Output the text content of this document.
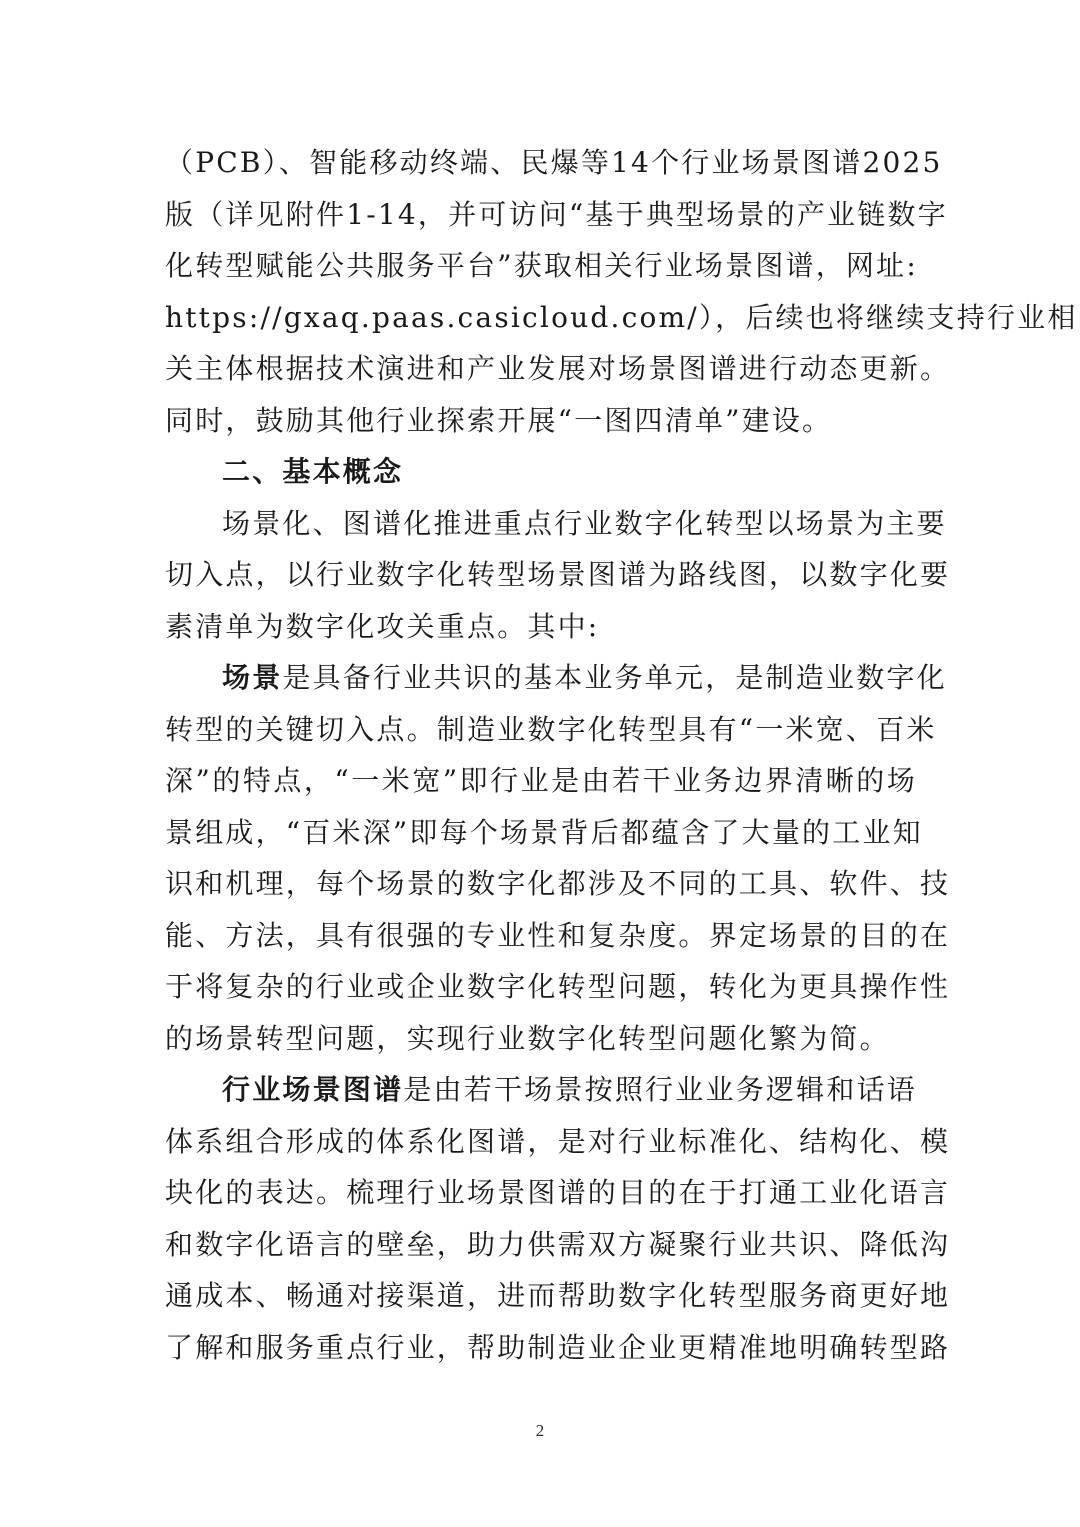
（PCB）、智能移动终端、民爆等14个行业场景图谱2025
版（详见附件1-14，并可访问“基于典型场景的产业链数字
化转型赋能公共服务平台”获取相关行业场景图谱，网址:
https://gxaq.paas.casicloud.com/），后续也将继续支持行业相
关主体根据技术演进和产业发展对场景图谱进行动态更新。
同时，鼓励其他行业探索开展“一图四清单”建设。
二、基本概念
场景化、图谱化推进重点行业数字化转型以场景为主要
切入点，以行业数字化转型场景图谱为路线图，以数字化要
素清单为数字化攻关重点。其中:
场景是具备行业共识的基本业务单元，是制造业数字化
转型的关键切入点。制造业数字化转型具有“一米宽、百米
深”的特点，“一米宽”即行业是由若干业务边界清晰的场
景组成，“百米深”即每个场景背后都蕴含了大量的工业知
识和机理，每个场景的数字化都涉及不同的工具、软件、技
能、方法，具有很强的专业性和复杂度。界定场景的目的在
于将复杂的行业或企业数字化转型问题，转化为更具操作性
的场景转型问题，实现行业数字化转型问题化繁为简。
行业场景图谱是由若干场景按照行业业务逻辑和话语
体系组合形成的体系化图谱，是对行业标准化、结构化、模
块化的表达。梳理行业场景图谱的目的在于打通工业化语言
和数字化语言的壁垒，助力供需双方凝聚行业共识、降低沟
通成本、畅通对接渠道，进而帮助数字化转型服务商更好地
了解和服务重点行业，帮助制造业企业更精准地明确转型路
2
